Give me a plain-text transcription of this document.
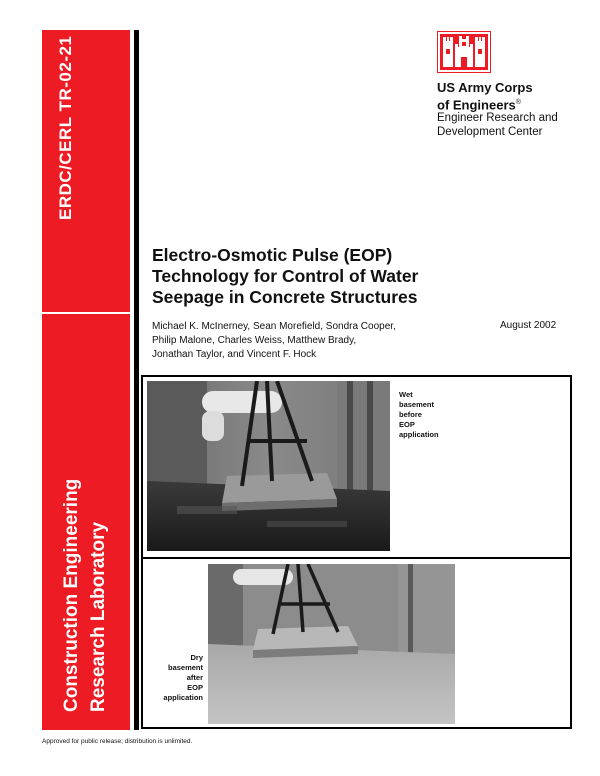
ERDC/CERL TR-02-21
Construction Engineering Research Laboratory
US Army Corps
of Engineers®
Engineer Research and
Development Center
Electro-Osmotic Pulse (EOP)
Technology for Control of Water
Seepage in Concrete Structures
Michael K. McInerney, Sean Morefield, Sondra Cooper,
Philip Malone, Charles Weiss, Matthew Brady,
Jonathan Taylor, and Vincent F. Hock
August 2002
Wet
basement
before
EOP
application
Dry
basement
after
EOP
application
Approved for public release; distribution is unlimited.
